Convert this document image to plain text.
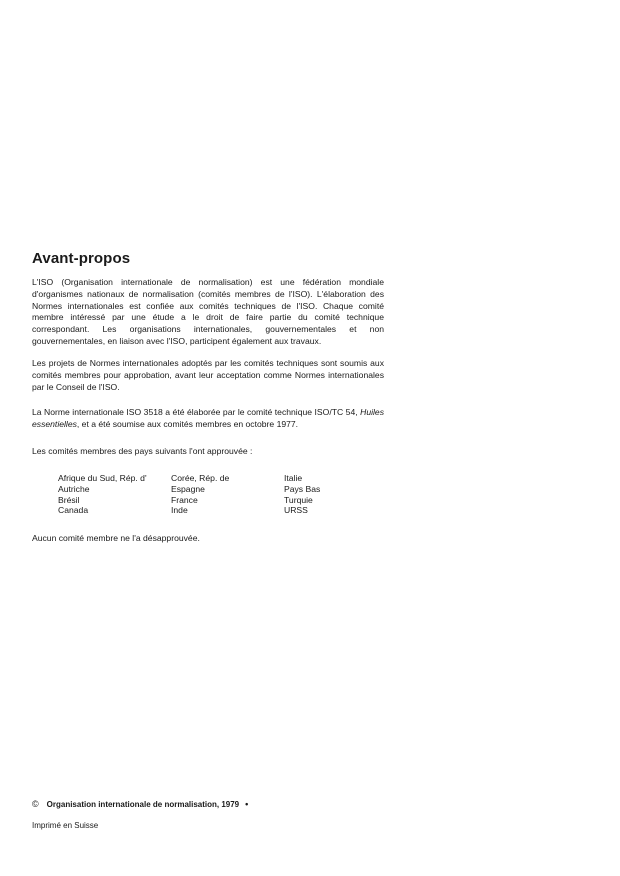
Avant-propos

L'ISO (Organisation internationale de normalisation) est une fédération mondiale d'organismes nationaux de normalisation (comités membres de l'ISO). L'élaboration des Normes internationales est confiée aux comités techniques de l'ISO. Chaque comité membre intéressé par une étude a le droit de faire partie du comité technique correspondant. Les organisations internationales, gouvernementales et non gouvernementales, en liaison avec l'ISO, participent également aux travaux.

Les projets de Normes internationales adoptés par les comités techniques sont soumis aux comités membres pour approbation, avant leur acceptation comme Normes internationales par le Conseil de l'ISO.

La Norme internationale ISO 3518 a été élaborée par le comité technique ISO/TC 54, Huiles essentielles, et a été soumise aux comités membres en octobre 1977.

Les comités membres des pays suivants l'ont approuvée :

Afrique du Sud, Rép. d'
Autriche
Brésil
Canada
Corée, Rép. de
Espagne
France
Inde
Italie
Pays Bas
Turquie
URSS

Aucun comité membre ne l'a désapprouvée.

© Organisation internationale de normalisation, 1979 •
Imprimé en Suisse
